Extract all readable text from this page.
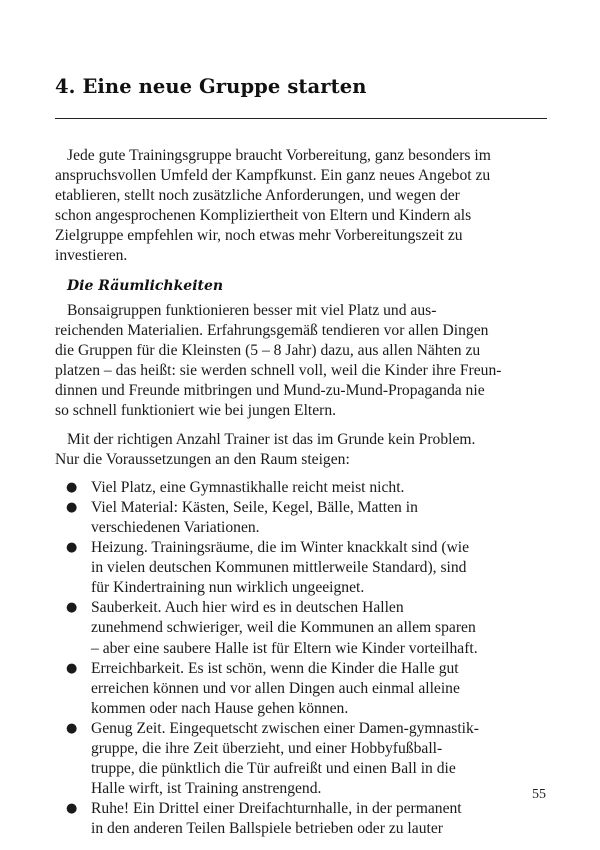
4. Eine neue Gruppe starten
Jede gute Trainingsgruppe braucht Vorbereitung, ganz besonders im
anspruchsvollen Umfeld der Kampfkunst. Ein ganz neues Angebot zu
etablieren, stellt noch zusätzliche Anforderungen, und wegen der
schon angesprochenen Kompliziertheit von Eltern und Kindern als
Zielgruppe empfehlen wir, noch etwas mehr Vorbereitungszeit zu
investieren.
Die Räumlichkeiten

Bonsaigruppen funktionieren besser mit viel Platz und aus-
reichenden Materialien. Erfahrungsgemäß tendieren vor allen Dingen
die Gruppen für die Kleinsten (5 – 8 Jahr) dazu, aus allen Nähten zu
platzen – das heißt: sie werden schnell voll, weil die Kinder ihre Freun-
dinnen und Freunde mitbringen und Mund-zu-Mund-Propaganda nie
so schnell funktioniert wie bei jungen Eltern.

Mit der richtigen Anzahl Trainer ist das im Grunde kein Problem.
Nur die Voraussetzungen an den Raum steigen:

● Viel Platz, eine Gymnastikhalle reicht meist nicht.
● Viel Material: Kästen, Seile, Kegel, Bälle, Matten in
verschiedenen Variationen.
● Heizung. Trainingsräume, die im Winter knackkalt sind (wie
in vielen deutschen Kommunen mittlerweile Standard), sind
für Kindertraining nun wirklich ungeeignet.
● Sauberkeit. Auch hier wird es in deutschen Hallen
zunehmend schwieriger, weil die Kommunen an allem sparen
– aber eine saubere Halle ist für Eltern wie Kinder vorteilhaft.
● Erreichbarkeit. Es ist schön, wenn die Kinder die Halle gut
erreichen können und vor allen Dingen auch einmal alleine
kommen oder nach Hause gehen können.
● Genug Zeit. Eingequetscht zwischen einer Damen-gymnastik-
gruppe, die ihre Zeit überzieht, und einer Hobbyfußball-
truppe, die pünktlich die Tür aufreißt und einen Ball in die
Halle wirft, ist Training anstrengend.
● Ruhe! Ein Drittel einer Dreifachturnhalle, in der permanent
in den anderen Teilen Ballspiele betrieben oder zu lauter
55
